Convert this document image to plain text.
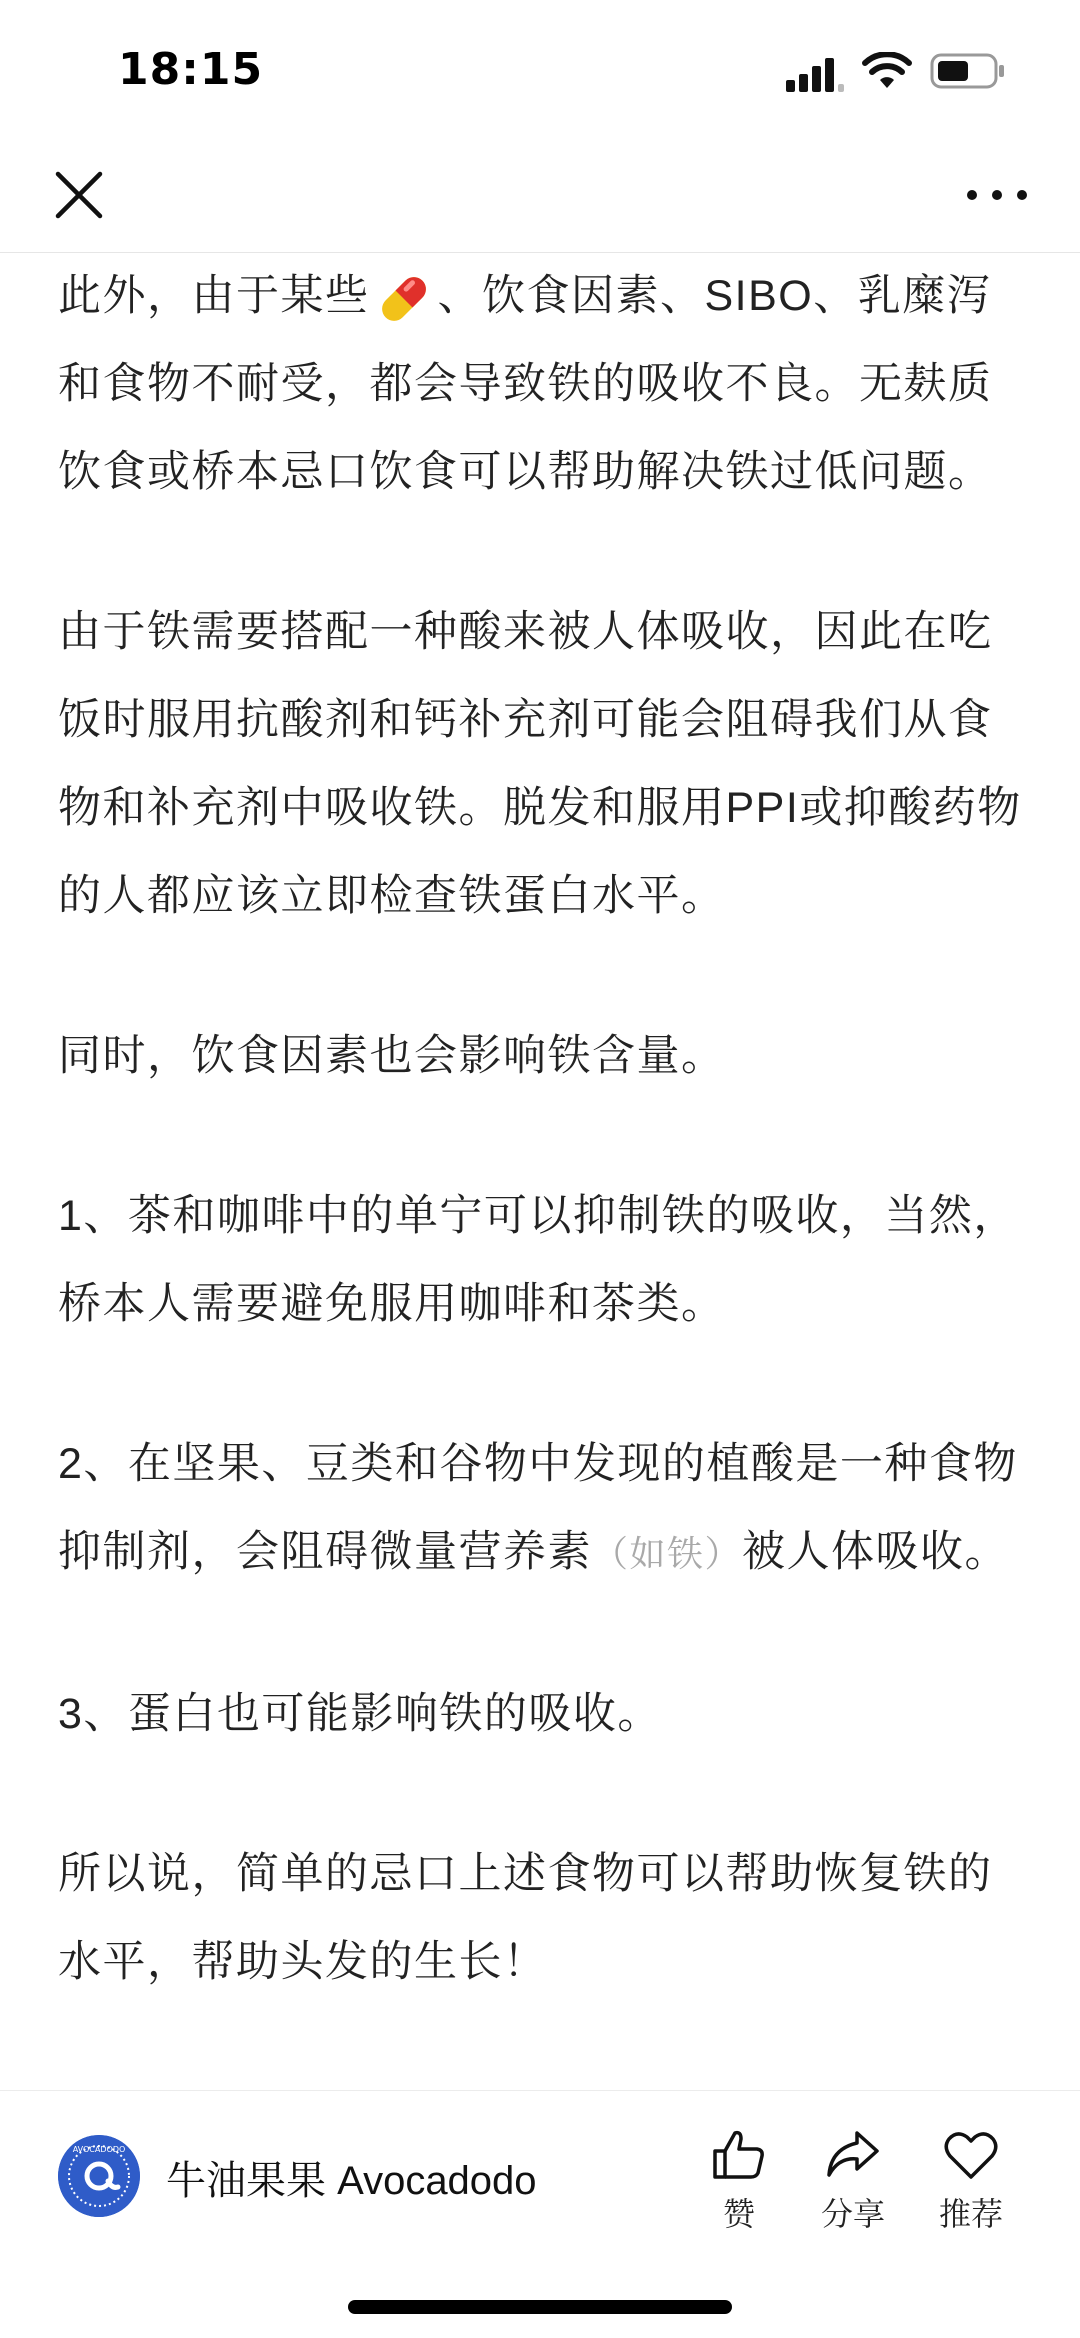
18:15

此外，由于某些 、饮食因素、SIBO、乳糜泻和食物不耐受，都会导致铁的吸收不良。无麸质饮食或桥本忌口饮食可以帮助解决铁过低问题。

由于铁需要搭配一种酸来被人体吸收，因此在吃饭时服用抗酸剂和钙补充剂可能会阻碍我们从食物和补充剂中吸收铁。脱发和服用PPI或抑酸药物的人都应该立即检查铁蛋白水平。

同时，饮食因素也会影响铁含量。

1、茶和咖啡中的单宁可以抑制铁的吸收，当然，桥本人需要避免服用咖啡和茶类。

2、在坚果、豆类和谷物中发现的植酸是一种食物抑制剂，会阻碍微量营养素（如铁）被人体吸收。

3、蛋白也可能影响铁的吸收。

所以说，简单的忌口上述食物可以帮助恢复铁的水平，帮助头发的生长！

AVOCADODO
牛油果果 Avocadodo
赞	分享	推荐
